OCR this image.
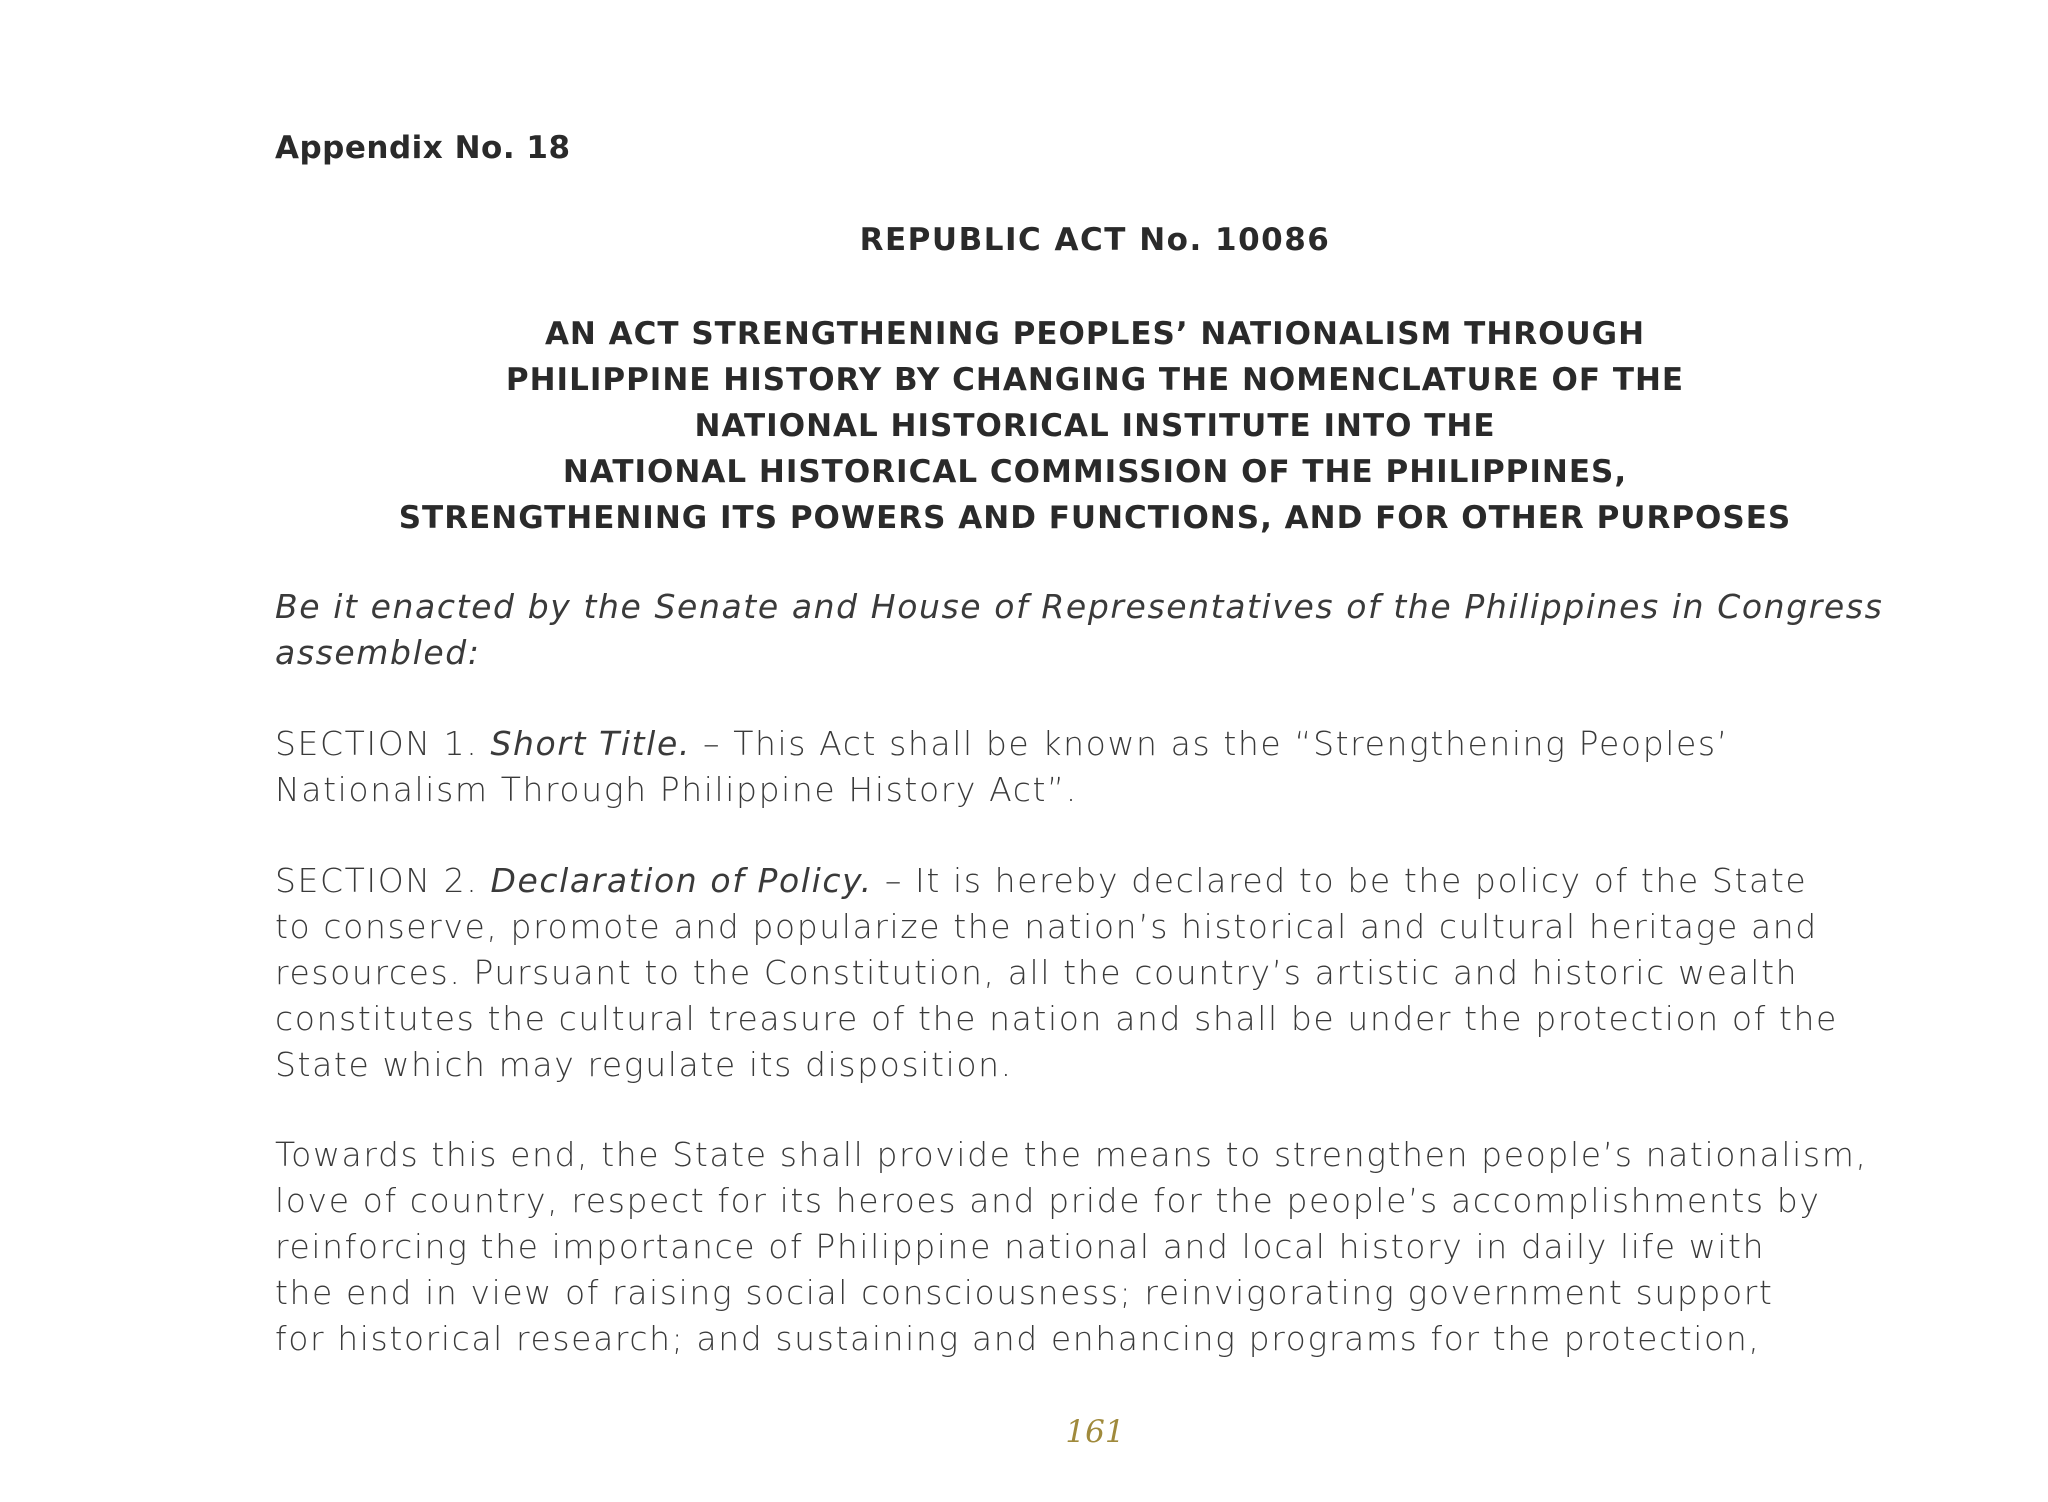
Appendix No. 18
REPUBLIC ACT No. 10086
AN ACT STRENGTHENING PEOPLES’ NATIONALISM THROUGH
PHILIPPINE HISTORY BY CHANGING THE NOMENCLATURE OF THE
NATIONAL HISTORICAL INSTITUTE INTO THE
NATIONAL HISTORICAL COMMISSION OF THE PHILIPPINES,
STRENGTHENING ITS POWERS AND FUNCTIONS, AND FOR OTHER PURPOSES
Be it enacted by the Senate and House of Representatives of the Philippines in Congress
assembled:
SECTION 1. Short Title. – This Act shall be known as the “Strengthening Peoples’
Nationalism Through Philippine History Act”.
SECTION 2. Declaration of Policy. – It is hereby declared to be the policy of the State
to conserve, promote and popularize the nation’s historical and cultural heritage and
resources. Pursuant to the Constitution, all the country’s artistic and historic wealth
constitutes the cultural treasure of the nation and shall be under the protection of the
State which may regulate its disposition.
Towards this end, the State shall provide the means to strengthen people’s nationalism,
love of country, respect for its heroes and pride for the people’s accomplishments by
reinforcing the importance of Philippine national and local history in daily life with
the end in view of raising social consciousness; reinvigorating government support
for historical research; and sustaining and enhancing programs for the protection,
161
